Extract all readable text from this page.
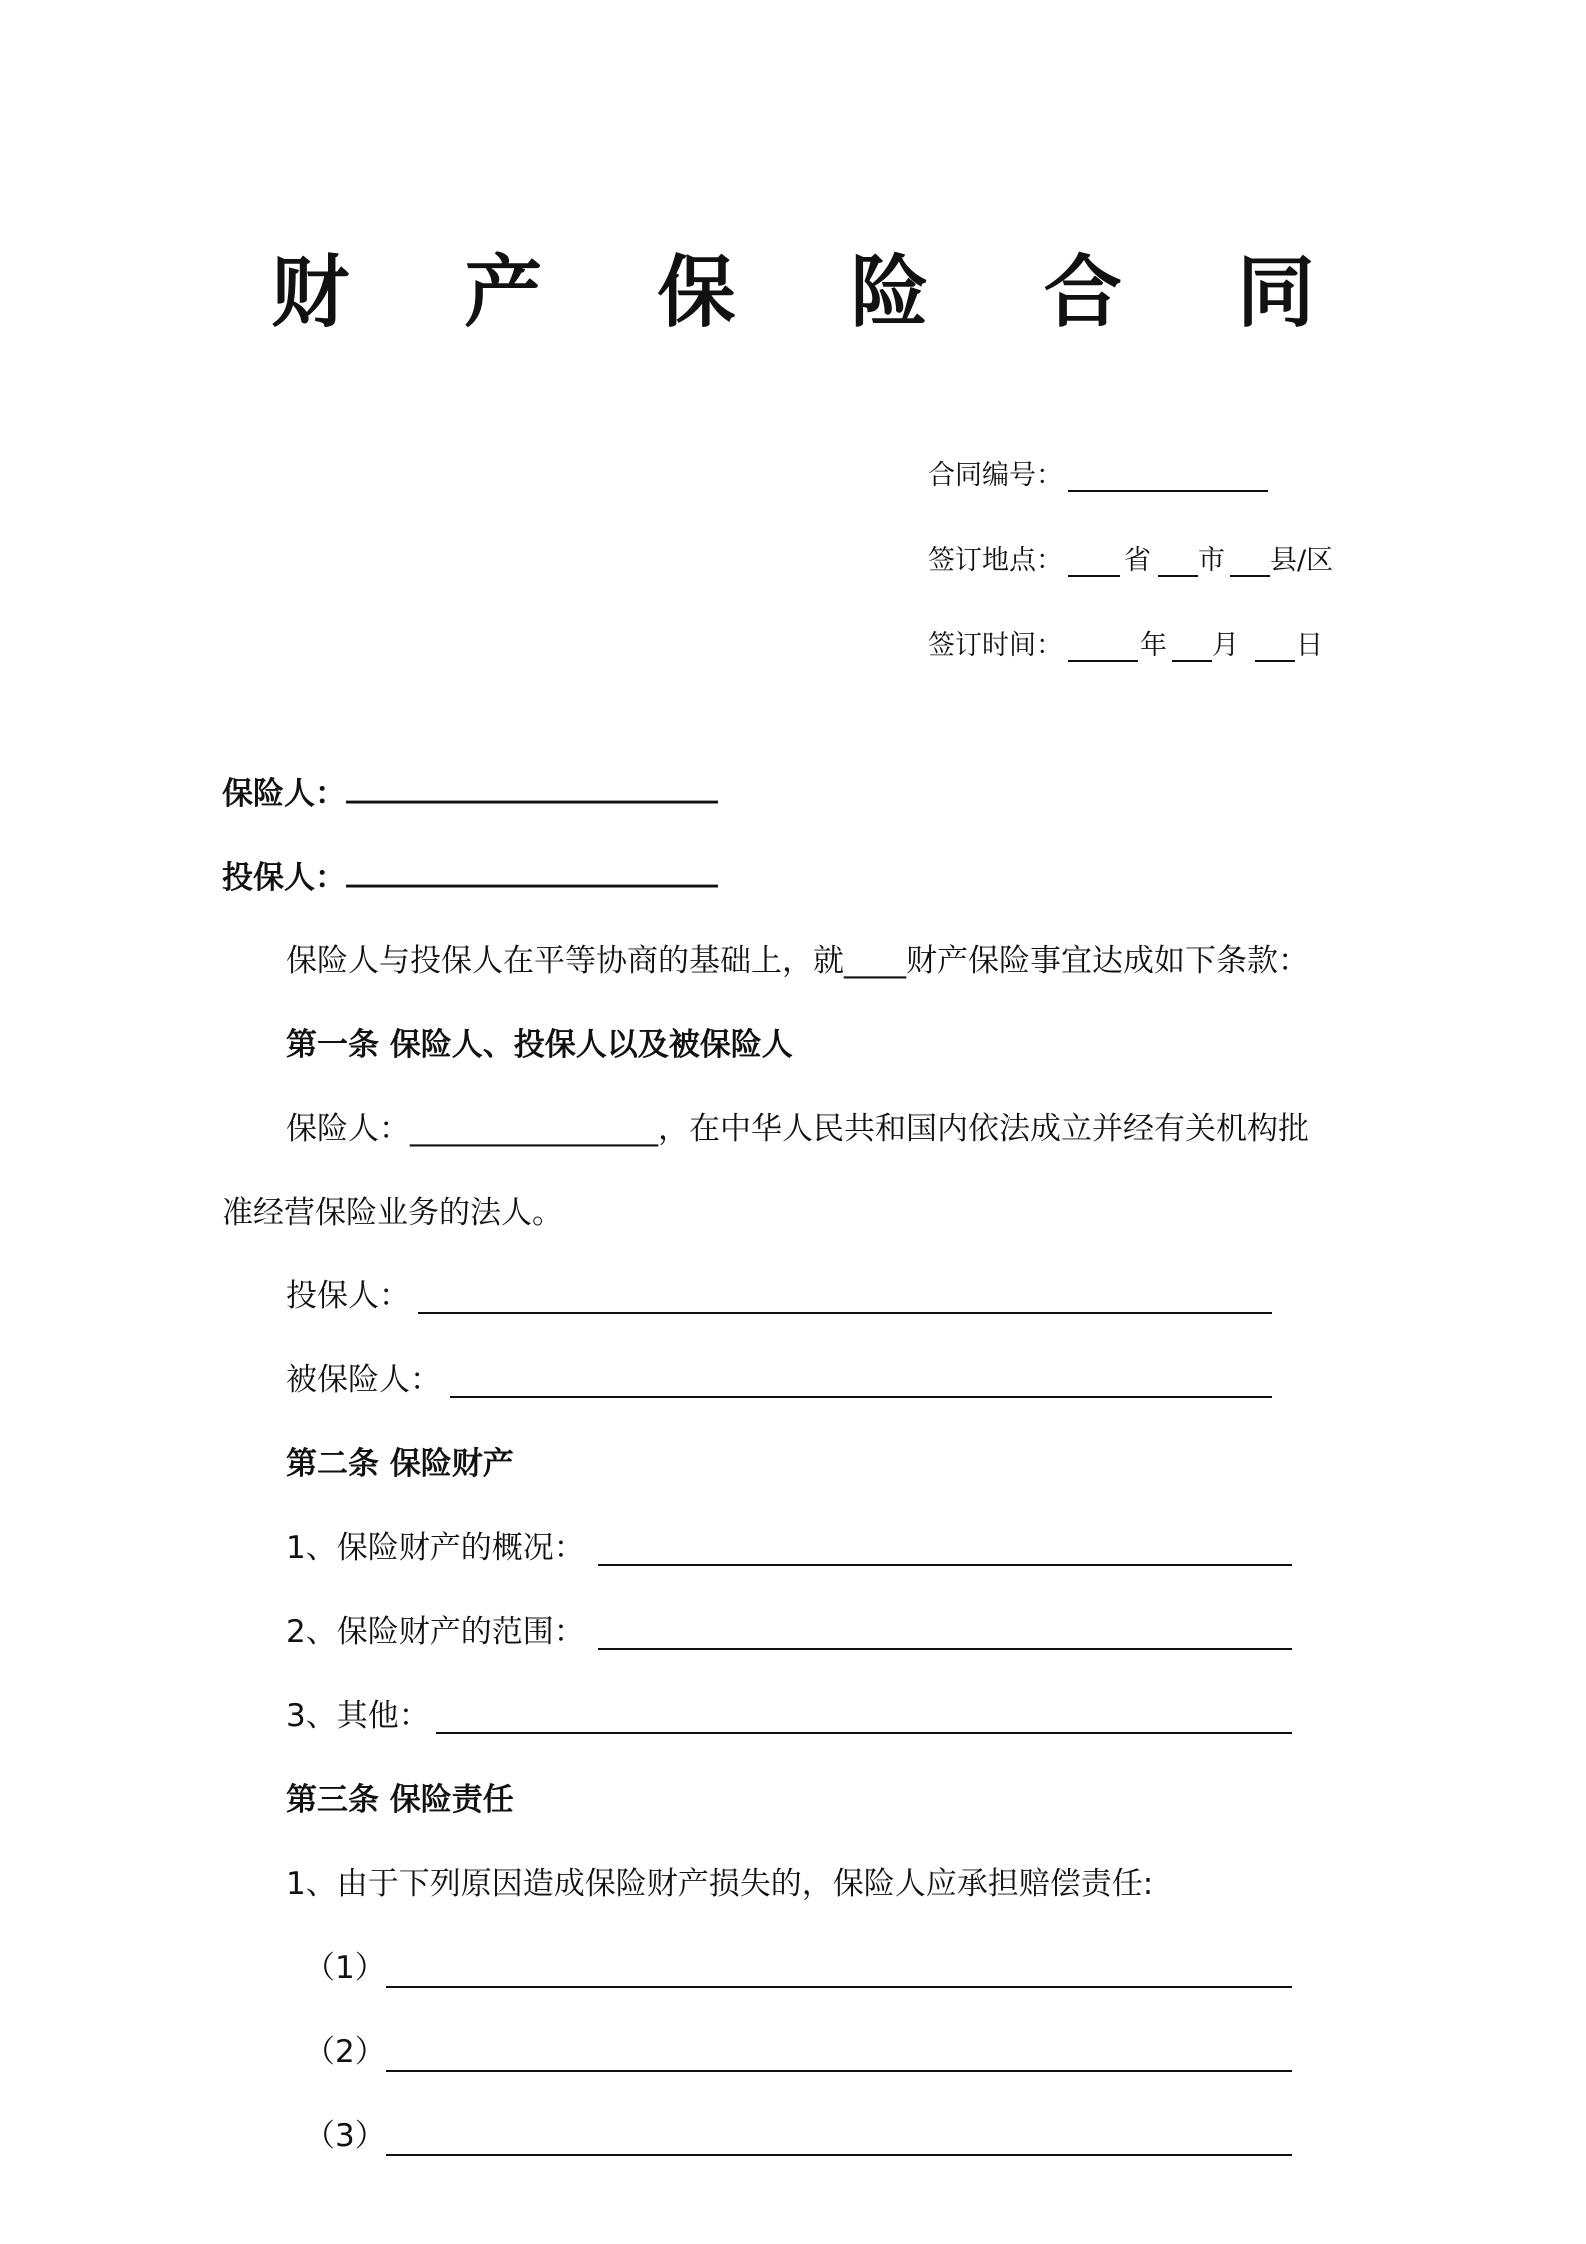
财 产 保 险 合 同
合同编号：
签订地点： 省 市 县/区
签订时间：	年 月 日
保险人： ________________________
投保人： ________________________
保险人与投保人在平等协商的基础上，就____财产保险事宜达成如下条款：
第一条 保险人、投保人以及被保险人
保险人：________________，在中华人民共和国内依法成立并经有关机构批
准经营保险业务的法人。
投保人：
被保险人：
第二条 保险财产
1、保险财产的概况：
2、保险财产的范围：
3、其他：
第三条 保险责任
1、由于下列原因造成保险财产损失的，保险人应承担赔偿责任:
（1）
（2）
（3）
